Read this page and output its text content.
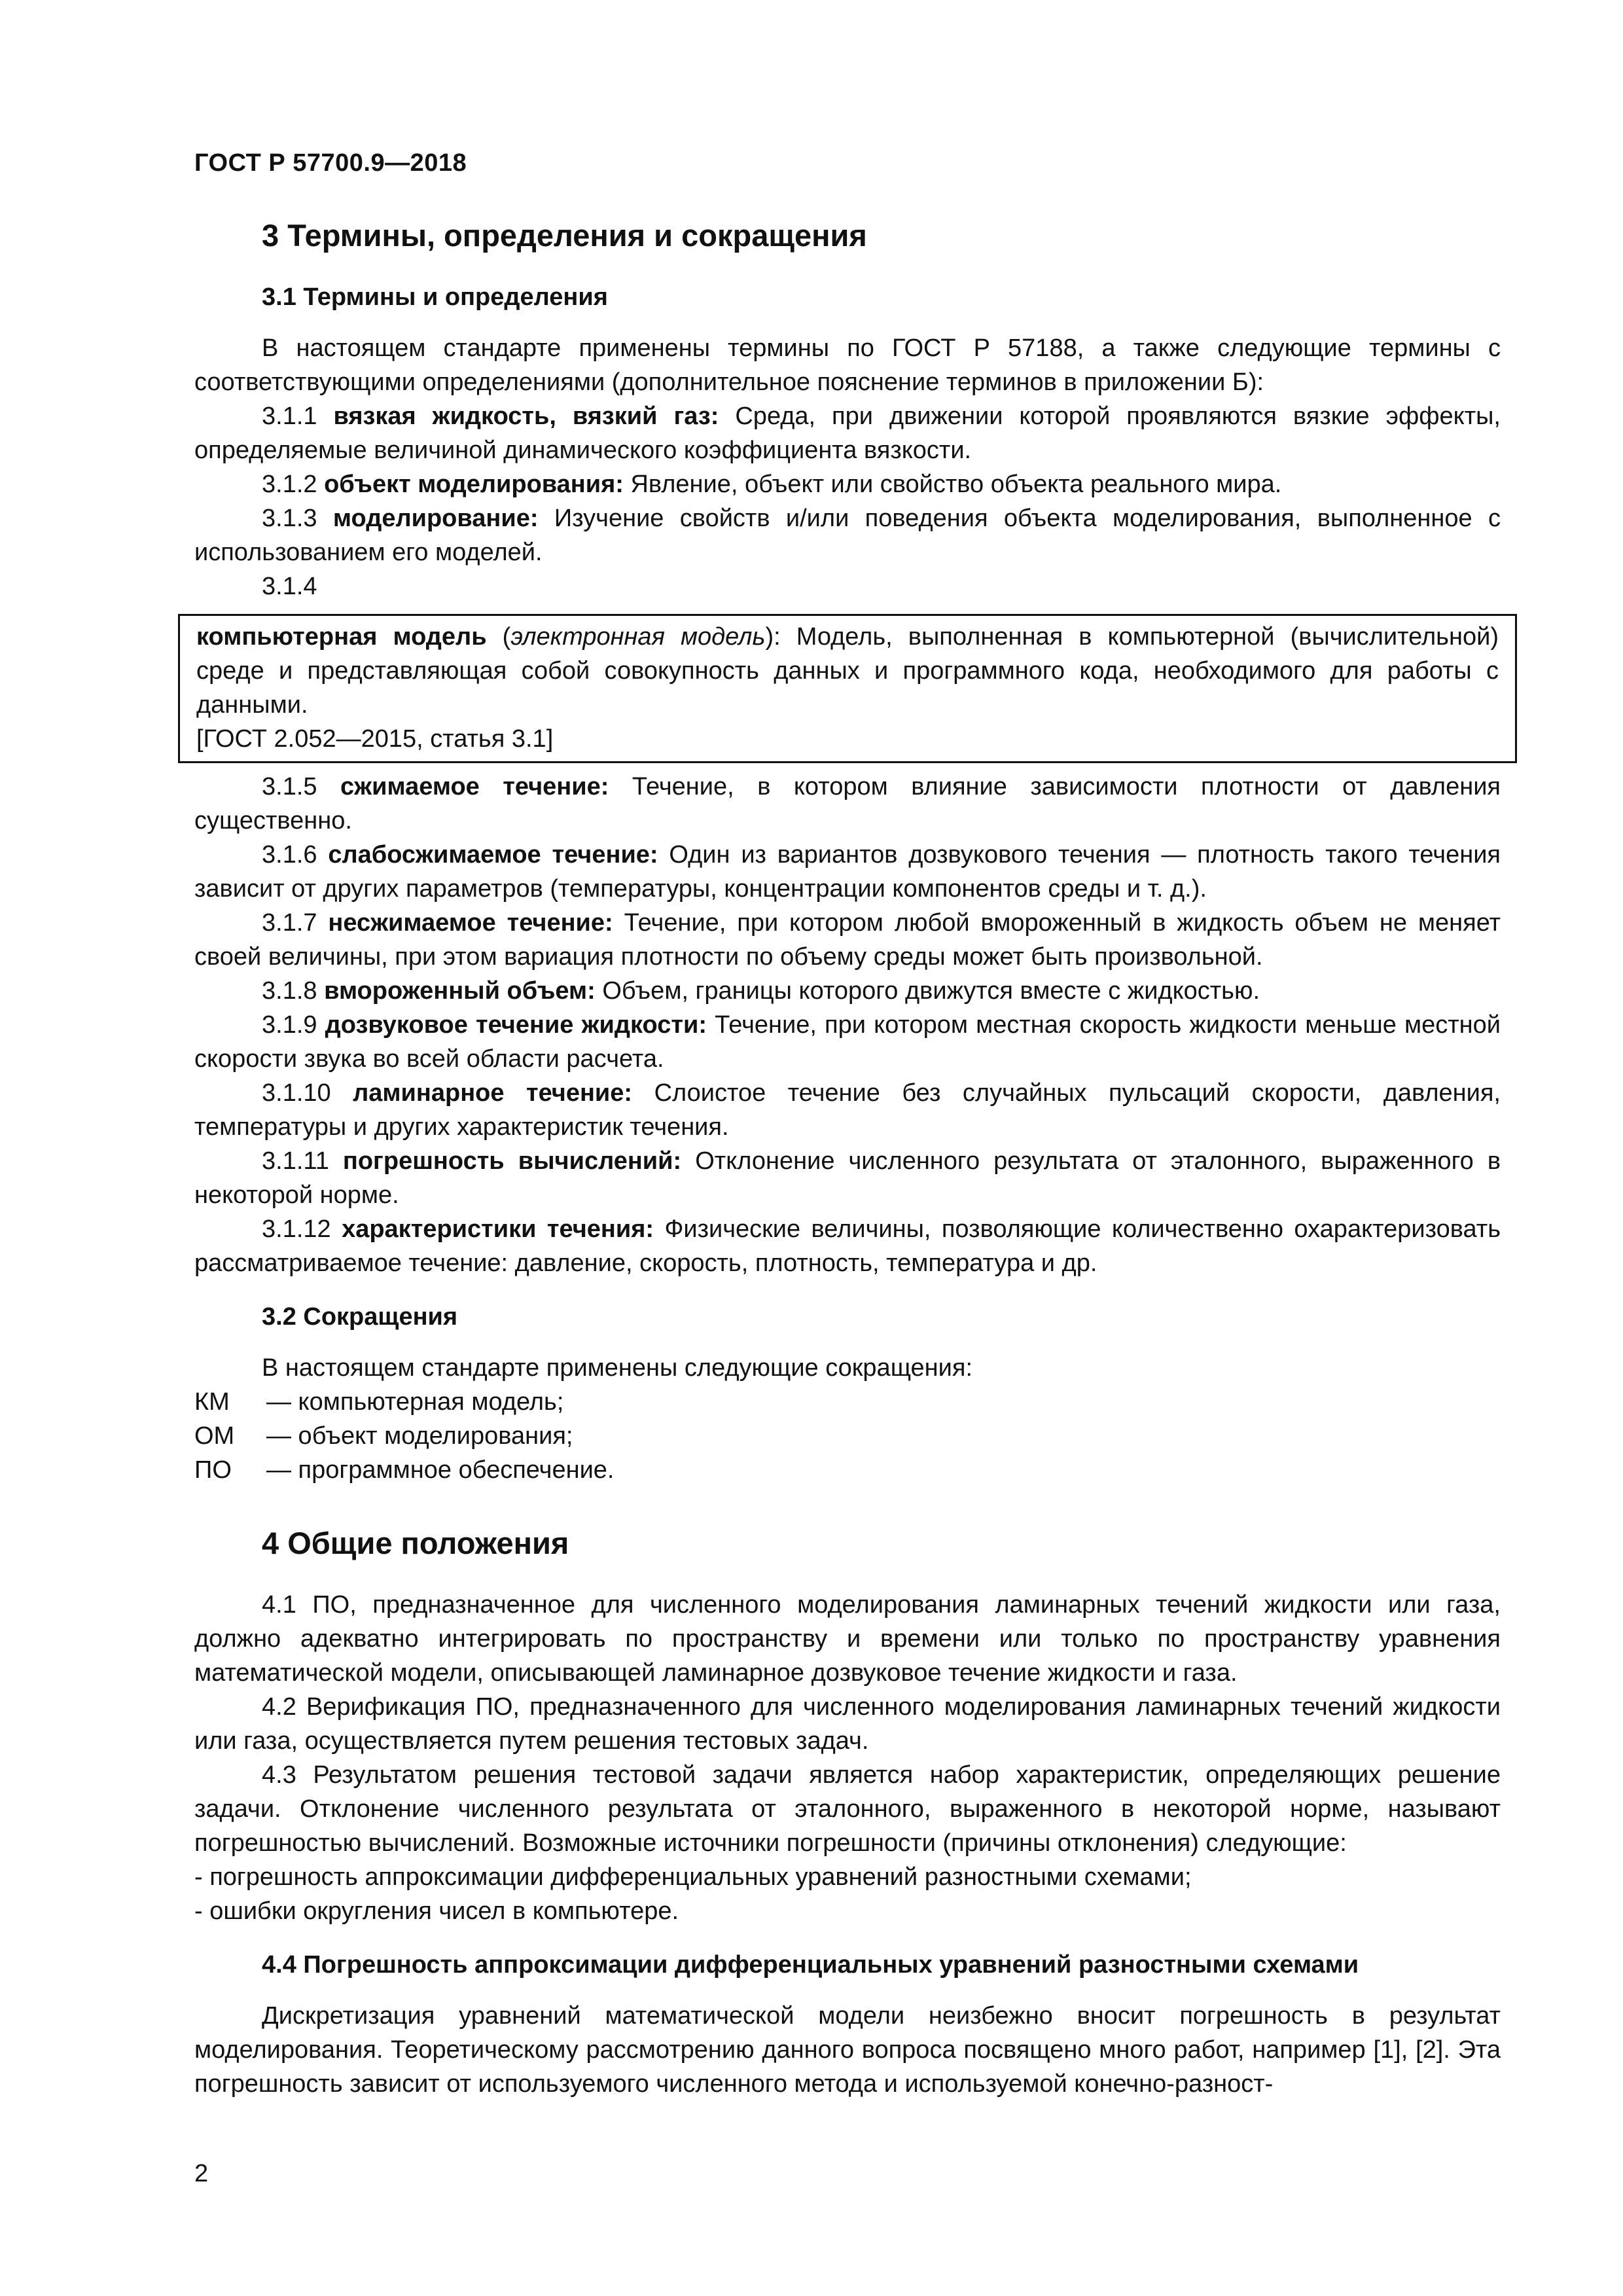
ГОСТ Р 57700.9—2018
3 Термины, определения и сокращения
3.1 Термины и определения

В настоящем стандарте применены термины по ГОСТ Р 57188, а также следующие термины с соответствующими определениями (дополнительное пояснение терминов в приложении Б):

3.1.1 вязкая жидкость, вязкий газ: Среда, при движении которой проявляются вязкие эффекты, определяемые величиной динамического коэффициента вязкости.

3.1.2 объект моделирования: Явление, объект или свойство объекта реального мира.

3.1.3 моделирование: Изучение свойств и/или поведения объекта моделирования, выполненное с использованием его моделей.

3.1.4

компьютерная модель (электронная модель): Модель, выполненная в компьютерной (вычислительной) среде и представляющая собой совокупность данных и программного кода, необходимого для работы с данными.

[ГОСТ 2.052—2015, статья 3.1]

3.1.5 сжимаемое течение: Течение, в котором влияние зависимости плотности от давления существенно.

3.1.6 слабосжимаемое течение: Один из вариантов дозвукового течения — плотность такого течения зависит от других параметров (температуры, концентрации компонентов среды и т. д.).

3.1.7 несжимаемое течение: Течение, при котором любой вмороженный в жидкость объем не меняет своей величины, при этом вариация плотности по объему среды может быть произвольной.

3.1.8 вмороженный объем: Объем, границы которого движутся вместе с жидкостью.

3.1.9 дозвуковое течение жидкости: Течение, при котором местная скорость жидкости меньше местной скорости звука во всей области расчета.

3.1.10 ламинарное течение: Слоистое течение без случайных пульсаций скорости, давления, температуры и других характеристик течения.

3.1.11 погрешность вычислений: Отклонение численного результата от эталонного, выраженного в некоторой норме.

3.1.12 характеристики течения: Физические величины, позволяющие количественно охарактеризовать рассматриваемое течение: давление, скорость, плотность, температура и др.

3.2 Сокращения

В настоящем стандарте применены следующие сокращения:

КМ — компьютерная модель;

ОМ — объект моделирования;

ПО — программное обеспечение.

4 Общие положения

4.1 ПО, предназначенное для численного моделирования ламинарных течений жидкости или газа, должно адекватно интегрировать по пространству и времени или только по пространству уравнения математической модели, описывающей ламинарное дозвуковое течение жидкости и газа.

4.2 Верификация ПО, предназначенного для численного моделирования ламинарных течений жидкости или газа, осуществляется путем решения тестовых задач.

4.3 Результатом решения тестовой задачи является набор характеристик, определяющих решение задачи. Отклонение численного результата от эталонного, выраженного в некоторой норме, называют погрешностью вычислений. Возможные источники погрешности (причины отклонения) следующие:

- погрешность аппроксимации дифференциальных уравнений разностными схемами;

- ошибки округления чисел в компьютере.

4.4 Погрешность аппроксимации дифференциальных уравнений разностными схемами

Дискретизация уравнений математической модели неизбежно вносит погрешность в результат моделирования. Теоретическому рассмотрению данного вопроса посвящено много работ, например [1], [2]. Эта погрешность зависит от используемого численного метода и используемой конечно-разност-

2
